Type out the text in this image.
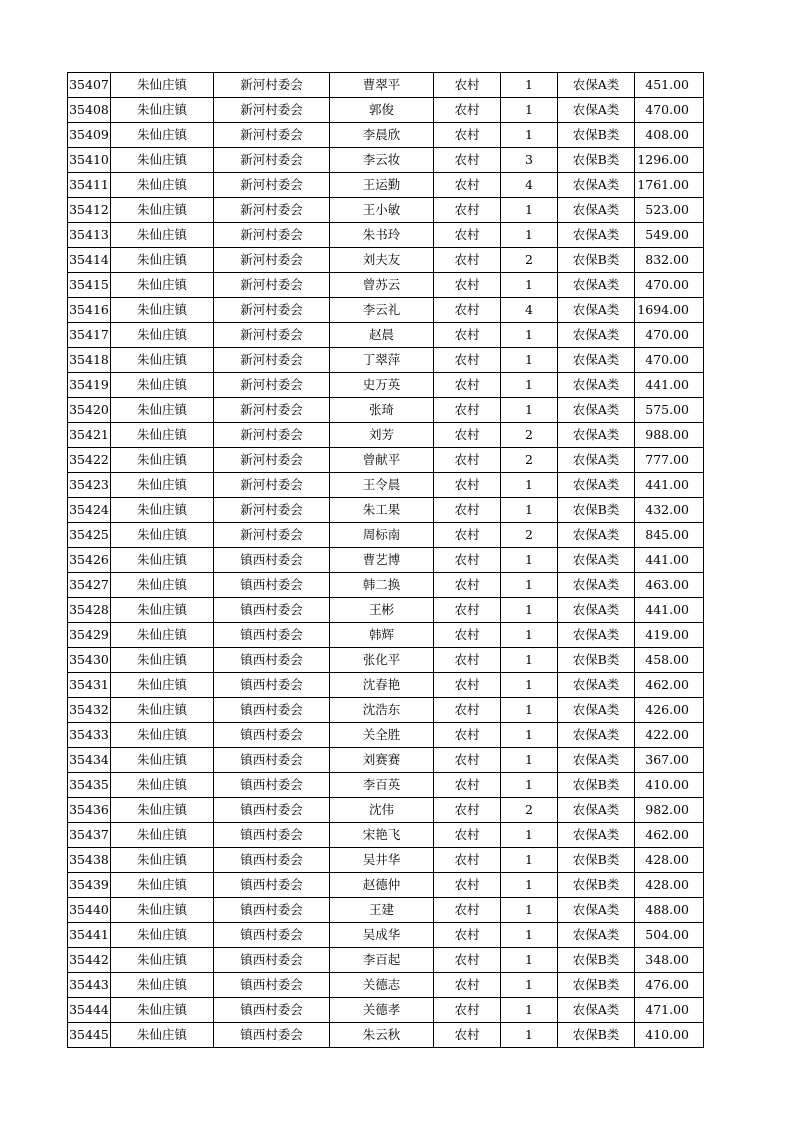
35407	朱仙庄镇	新河村委会	曹翠平	农村	1	农保A类	451.00
35408	朱仙庄镇	新河村委会	郭俊	农村	1	农保A类	470.00
35409	朱仙庄镇	新河村委会	李晨欣	农村	1	农保B类	408.00
35410	朱仙庄镇	新河村委会	李云妆	农村	3	农保B类	1296.00
35411	朱仙庄镇	新河村委会	王运勤	农村	4	农保A类	1761.00
35412	朱仙庄镇	新河村委会	王小敏	农村	1	农保A类	523.00
35413	朱仙庄镇	新河村委会	朱书玲	农村	1	农保A类	549.00
35414	朱仙庄镇	新河村委会	刘夫友	农村	2	农保B类	832.00
35415	朱仙庄镇	新河村委会	曾苏云	农村	1	农保A类	470.00
35416	朱仙庄镇	新河村委会	李云礼	农村	4	农保A类	1694.00
35417	朱仙庄镇	新河村委会	赵晨	农村	1	农保A类	470.00
35418	朱仙庄镇	新河村委会	丁翠萍	农村	1	农保A类	470.00
35419	朱仙庄镇	新河村委会	史万英	农村	1	农保A类	441.00
35420	朱仙庄镇	新河村委会	张琦	农村	1	农保A类	575.00
35421	朱仙庄镇	新河村委会	刘芳	农村	2	农保A类	988.00
35422	朱仙庄镇	新河村委会	曾献平	农村	2	农保A类	777.00
35423	朱仙庄镇	新河村委会	王令晨	农村	1	农保A类	441.00
35424	朱仙庄镇	新河村委会	朱工果	农村	1	农保B类	432.00
35425	朱仙庄镇	新河村委会	周标南	农村	2	农保A类	845.00
35426	朱仙庄镇	镇西村委会	曹艺博	农村	1	农保A类	441.00
35427	朱仙庄镇	镇西村委会	韩二换	农村	1	农保A类	463.00
35428	朱仙庄镇	镇西村委会	王彬	农村	1	农保A类	441.00
35429	朱仙庄镇	镇西村委会	韩辉	农村	1	农保A类	419.00
35430	朱仙庄镇	镇西村委会	张化平	农村	1	农保B类	458.00
35431	朱仙庄镇	镇西村委会	沈春艳	农村	1	农保A类	462.00
35432	朱仙庄镇	镇西村委会	沈浩东	农村	1	农保A类	426.00
35433	朱仙庄镇	镇西村委会	关全胜	农村	1	农保A类	422.00
35434	朱仙庄镇	镇西村委会	刘赛赛	农村	1	农保A类	367.00
35435	朱仙庄镇	镇西村委会	李百英	农村	1	农保B类	410.00
35436	朱仙庄镇	镇西村委会	沈伟	农村	2	农保A类	982.00
35437	朱仙庄镇	镇西村委会	宋艳飞	农村	1	农保A类	462.00
35438	朱仙庄镇	镇西村委会	吴井华	农村	1	农保B类	428.00
35439	朱仙庄镇	镇西村委会	赵德仲	农村	1	农保B类	428.00
35440	朱仙庄镇	镇西村委会	王建	农村	1	农保A类	488.00
35441	朱仙庄镇	镇西村委会	吴成华	农村	1	农保A类	504.00
35442	朱仙庄镇	镇西村委会	李百起	农村	1	农保B类	348.00
35443	朱仙庄镇	镇西村委会	关德志	农村	1	农保B类	476.00
35444	朱仙庄镇	镇西村委会	关德孝	农村	1	农保A类	471.00
35445	朱仙庄镇	镇西村委会	朱云秋	农村	1	农保B类	410.00
